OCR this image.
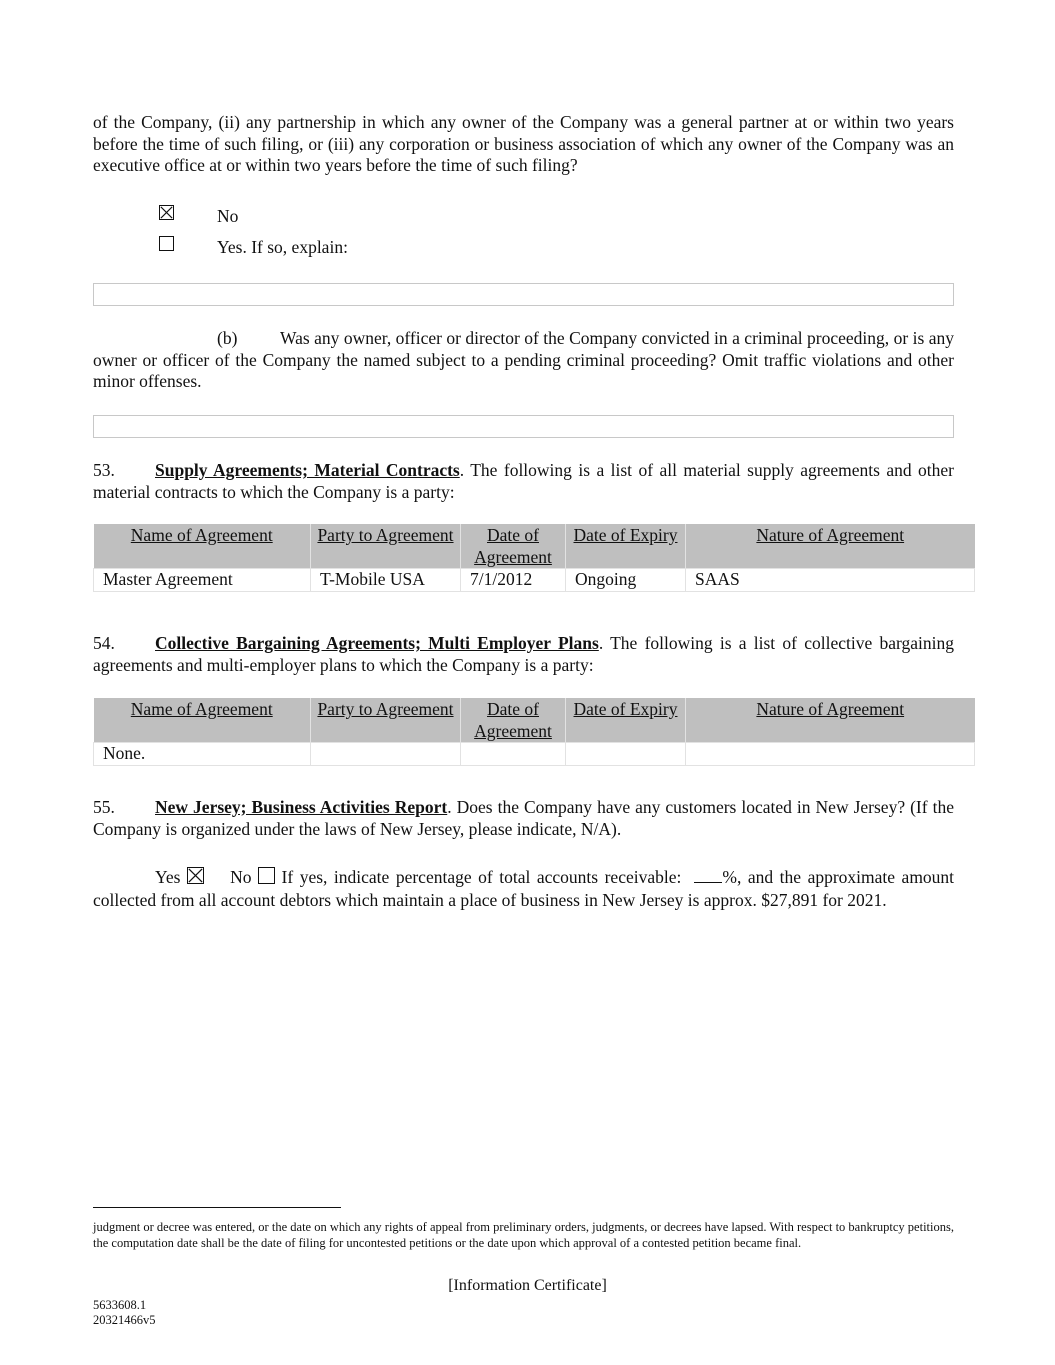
of the Company, (ii) any partnership in which any owner of the Company was a general partner at or within two years before the time of such filing, or (iii) any corporation or business association of which any owner of the Company was an executive office at or within two years before the time of such filing?
No
Yes. If so, explain:
(b) Was any owner, officer or director of the Company convicted in a criminal proceeding, or is any owner or officer of the Company the named subject to a pending criminal proceeding? Omit traffic violations and other minor offenses.
53. Supply Agreements; Material Contracts. The following is a list of all material supply agreements and other material contracts to which the Company is a party:
Name of Agreement	Party to Agreement	Date of Agreement	Date of Expiry	Nature of Agreement
Master Agreement	T-Mobile USA	7/1/2012	Ongoing	SAAS
54. Collective Bargaining Agreements; Multi Employer Plans. The following is a list of collective bargaining agreements and multi-employer plans to which the Company is a party:
Name of Agreement	Party to Agreement	Date of Agreement	Date of Expiry	Nature of Agreement
None.				
55. New Jersey; Business Activities Report. Does the Company have any customers located in New Jersey? (If the Company is organized under the laws of New Jersey, please indicate, N/A).
Yes	No If yes, indicate percentage of total accounts receivable: %, and the approximate amount collected from all account debtors which maintain a place of business in New Jersey is approx. $27,891 for 2021.
judgment or decree was entered, or the date on which any rights of appeal from preliminary orders, judgments, or decrees have lapsed. With respect to bankruptcy petitions, the computation date shall be the date of filing for uncontested petitions or the date upon which approval of a contested petition became final.
[Information Certificate]
5633608.1
20321466v5
